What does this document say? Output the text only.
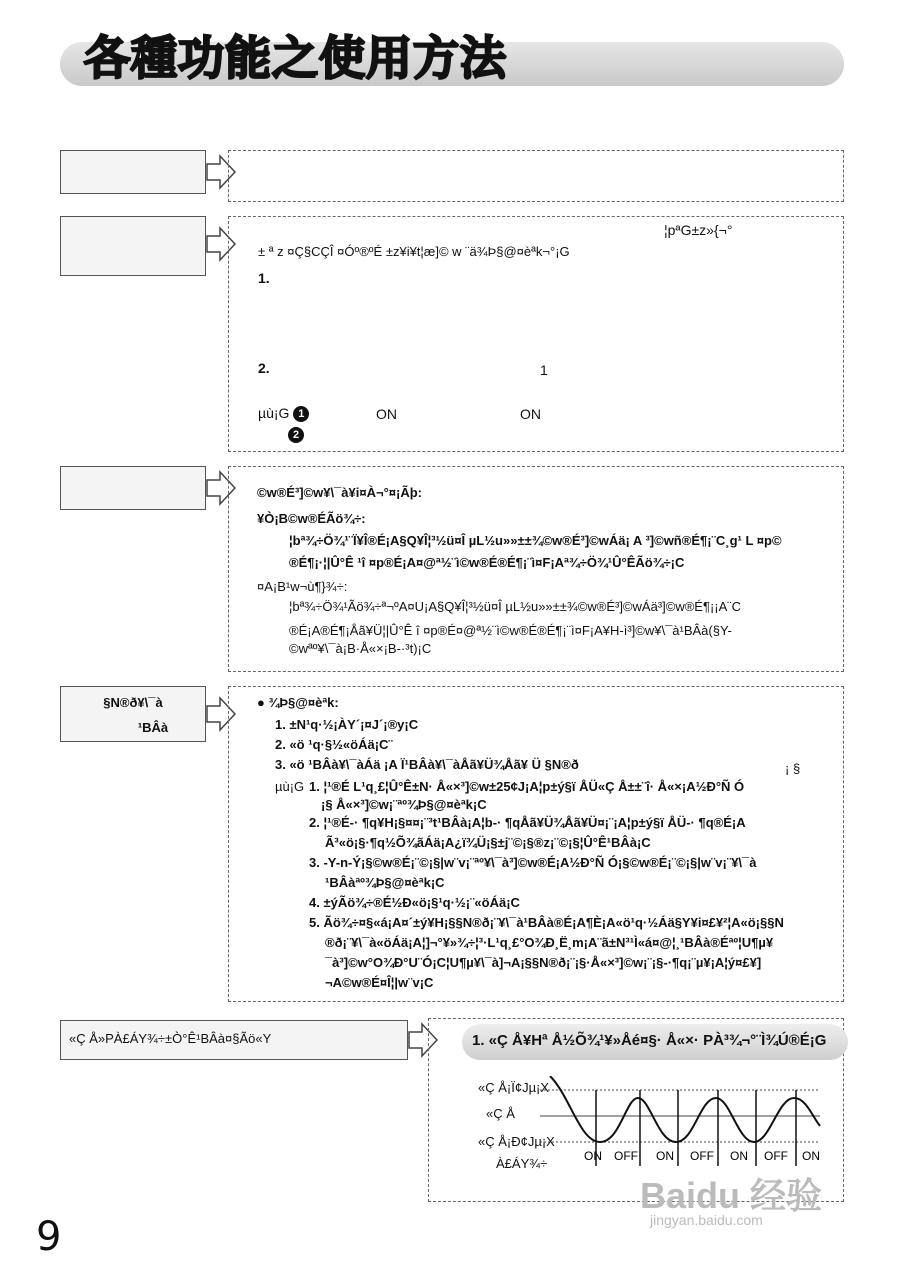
各種功能之使用方法
¦pªG±z»{¬°
± ª z ¤Ç§CÇÎ ¤Óº®ºÉ ±z¥i¥t¦æ]© w ¨ä¾Þ§@¤èªk¬°¡G
1.
2.	1
µù¡G 1	ON	ON
2
©w®É³]©w¥\¯à¥i¤À¬°¤¡Ãþ:
¥Ò¡B©w®ÉÃö¾÷:
¦bª¾÷Ö¾¹¨Ï¥Î®É¡A§Q¥Î¦³½ü¤Î µL½u»»±±¾©w®É³]©wÁä¡ A ³]©wñ®É¶¡¨C¸g¹ L ¤p©
®É¶¡·¦|Û°Ê ¹î ¤p®É¡A¤@ª½¨ì©w®É®É¶¡¨ì¤F¡Aª¾÷Ö¾¹Û°ÊÃö¾÷¡C
¤A¡B¹w¬ù¶}¾÷:
¦bª¾÷Ö¾¹Ãö¾÷ª¬ºA¤U¡A§Q¥Î¦³½ü¤Î µL½u»»±±¾©w®É³]©wÁä³]©w®É¶¡¡A¨C
®É¡A®É¶¡Åã¥Ü¦|Û°Ê î ¤p®É¤@ª½¨ì©w®É®É¶¡¨ì¤F¡A¥H-ì³]©w¥\¯à¹BÂà(§Y-
©wªº¥\¯à¡B·Å«×¡B-·³t)¡C
§N®ð¥\¯à
¹BÂà
● ¾Þ§@¤èªk:
1. ±N¹q·½¡ÀY´¡¤J´¡®y¡C
2. «ö ¹q·§½«öÁä¡C¨
3. «ö ¹BÂà¥\¯àÁä ¡A Ï¹BÂà¥\¯àÅã¥Ü¾Åã¥ Ü §N®ð	¡ §
µù¡G 1. ¦¹®É L¹q¸£¦Û°Ê±N· Å«×³]©w±25¢J¡A¦p±ý§ï ÅÜ«Ç Å±±¨î· Å«×¡A½Ð°Ñ Ó
¡§ Å«×³]©w¡¨ªº¾Þ§@¤èªk¡C
2. ¦¹®É-· ¶q¥H¡§¤¤¡¨³t¹BÂà¡A¦b-· ¶qÅã¥Ü¾Åã¥Ü¤¡¨¡A¦p±ý§ï ÅÜ-· ¶q®É¡A
Ã³«ö¡§·¶q½Õ¾ãÁä¡A¿ï¾Ü¡§±j¨©¡§®z¡¨©¡§¦Û°Ê¹BÂà¡C
3. -Y-n-Ý¡§©w®É¡¨©¡§|w¨v¡¨ªº¥\¯à³]©w®É¡A½Ð°Ñ Ó¡§©w®É¡¨©¡§|w¨v¡¨¥\¯à
¹BÂàªº¾Þ§@¤èªk¡C
4. ±ýÃö¾÷®É½Ð«ö¡§¹q·½¡¨«öÁä¡C
5. Ãö¾÷¤§«á¡A¤´±ý¥H¡§§N®ð¡¨¥\¯à¹BÂà®É¡A¶È¡A«ö¹q·½Áä§Y¥i¤£¥²¦A«ö¡§§N
®ð¡¨¥\¯à«öÁä¡A¦]¬°¥»¾÷¦³·L¹q¸£°O¾Ð¸Ë¸m¡A¨ã±N³¹Ì«á¤@¦¸¹BÂà®Éªº¦U¶µ¥
¯à³]©w°O¾Ð°U¨Ó¡C¦U¶µ¥\¯à]¬A¡§§N®ð¡¨¡§·Å«×³]©w¡¨¡§-·¶q¡¨µ¥¡A¦ý¤£¥]
¬A©w®É¤Î¦|w¨v¡C
«Ç Å»PÀ£ÁY¾÷±Ò°Ê¹BÂà¤§Ãö«Y	1. «Ç Å¥Hª Å½Õ¾¹¥»Åé¤§· Å«×· PÀ³¾¬°¨Ì¾Ú®É¡G
«Ç Å¡Ï¢Jµ¡X
«Ç Å
«Ç Å¡Ð¢Jµ¡X
À£ÁY¾÷	ON OFF ON OFF ON OFF ON
9
Baidu 经验
jingyan.baidu.com
